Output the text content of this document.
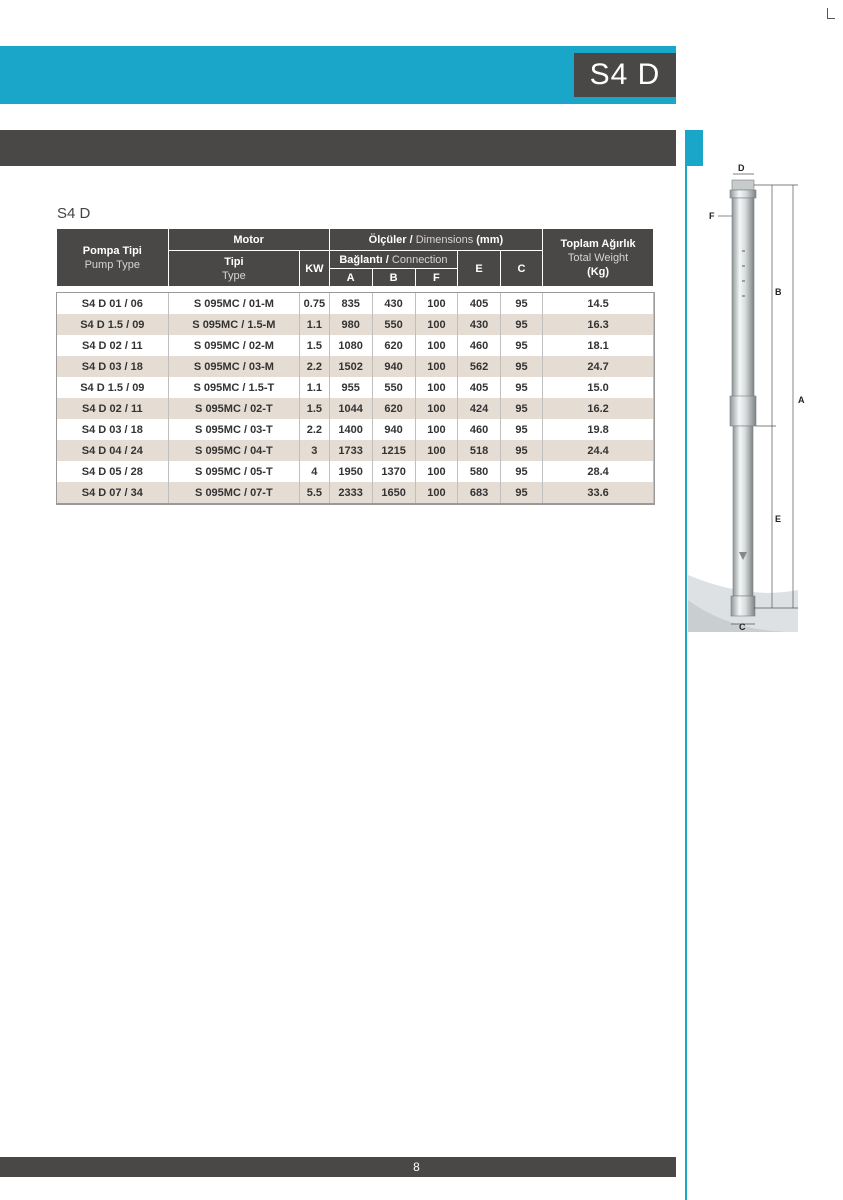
S4 D
S4 D
Pompa Tipi
Pump Type	Motor		Ölçüler / Dimensions (mm)					Toplam Ağırlık
Total Weight
(Kg)
	Tipi
Type	KW	Bağlantı / Connection			E	C	
			A	B	F			

S4 D 01 / 06	S 095MC / 01-M	0.75	835	430	100	405	95	14.5
S4 D 1.5 / 09	S 095MC / 1.5-M	1.1	980	550	100	430	95	16.3
S4 D 02 / 11	S 095MC / 02-M	1.5	1080	620	100	460	95	18.1
S4 D 03 / 18	S 095MC / 03-M	2.2	1502	940	100	562	95	24.7
S4 D 1.5 / 09	S 095MC / 1.5-T	1.1	955	550	100	405	95	15.0
S4 D 02 / 11	S 095MC / 02-T	1.5	1044	620	100	424	95	16.2
S4 D 03 / 18	S 095MC / 03-T	2.2	1400	940	100	460	95	19.8
S4 D 04 / 24	S 095MC / 04-T	3	1733	1215	100	518	95	24.4
S4 D 05 / 28	S 095MC / 05-T	4	1950	1370	100	580	95	28.4
S4 D 07 / 34	S 095MC / 07-T	5.5	2333	1650	100	683	95	33.6
D
F
B
A
E
C
8
